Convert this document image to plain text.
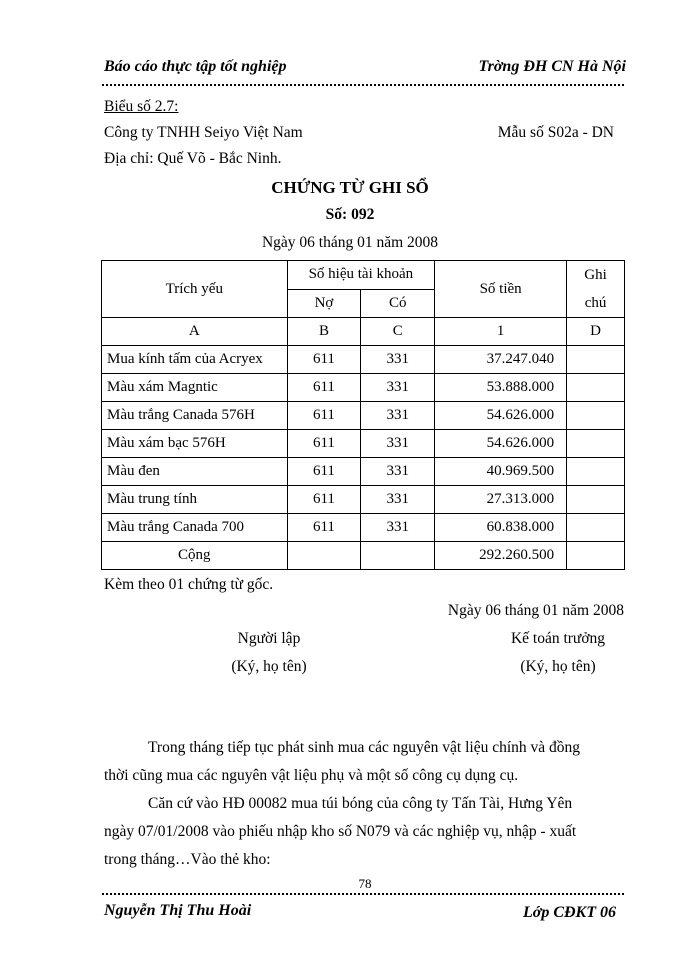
Báo cáo thực tập tốt nghiệp	Trờng ĐH CN Hà Nội
Biểu số 2.7:
Công ty TNHH Seiyo Việt Nam	Mẫu số S02a - DN
Địa chỉ: Quế Võ - Bắc Ninh.
CHỨNG TỪ GHI SỔ
Số: 092
Ngày 06 tháng 01 năm 2008
Trích yếu	Số hiệu tài khoản		Số tiền	Ghi
chú
	Nợ	Có		
A	B	C	1	D
Mua kính tấm của Acryex	611	331	37.247.040	
Màu xám Magntic	611	331	53.888.000	
Màu trắng Canada 576H	611	331	54.626.000	
Màu xám bạc 576H	611	331	54.626.000	
Màu đen	611	331	40.969.500	
Màu trung tính	611	331	27.313.000	
Màu trắng Canada 700	611	331	60.838.000	
Cộng			292.260.500	
Kèm theo 01 chứng từ gốc.
Ngày 06 tháng 01 năm 2008
Người lập
(Ký, họ tên)
Kế toán trưởng
(Ký, họ tên)
Trong tháng tiếp tục phát sinh mua các nguyên vật liệu chính và đồng
thời cũng mua các nguyên vật liệu phụ và một số công cụ dụng cụ.
Căn cứ vào HĐ 00082 mua túi bóng của công ty Tấn Tài, Hưng Yên
ngày 07/01/2008 vào phiếu nhập kho số N079 và các nghiệp vụ, nhập - xuất
trong tháng…Vào thẻ kho:
78
Nguyễn Thị Thu Hoài	Lớp CĐKT 06
